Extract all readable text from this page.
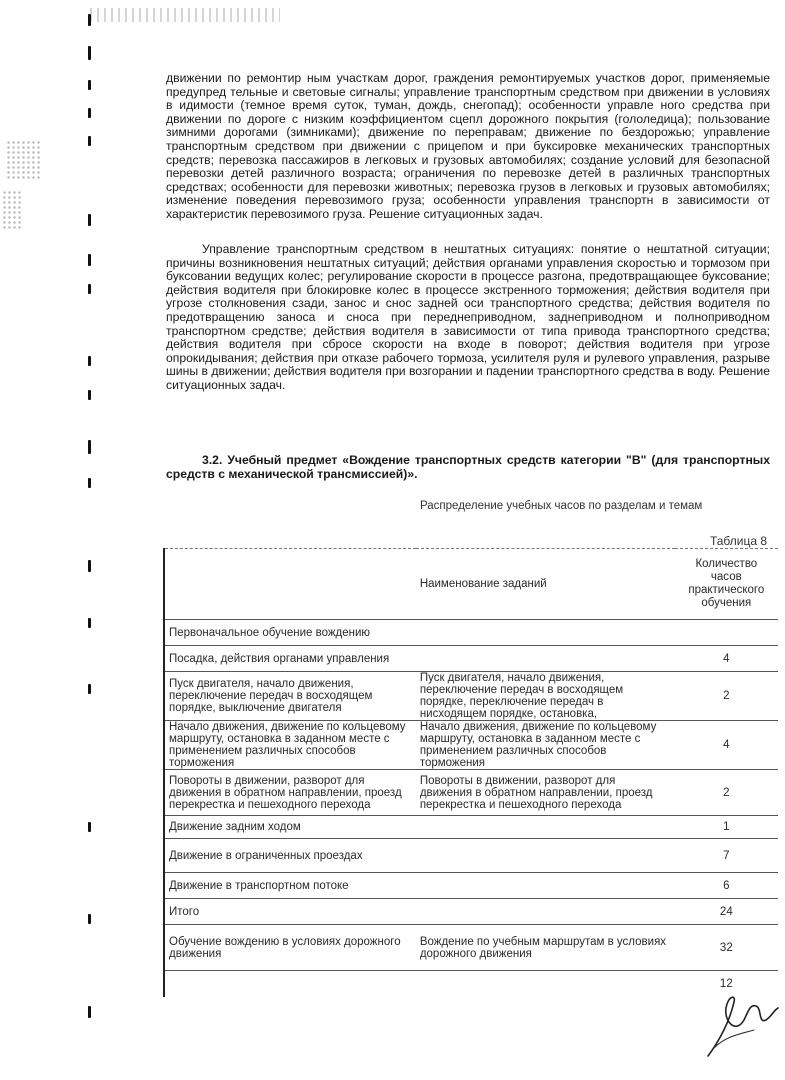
движении по ремонтир ным участкам дорог, граждения ремонтируемых участков дорог, применяемые предупред тельные и световые сигналы; управление транспортным средством при движении в условиях в идимости (темное время суток, туман, дождь, снегопад); особенности управле ного средства при движении по дороге с низким коэффициентом сцепл дорожного покрытия (гололедица); пользование зимними дорогами (зимниками); движение по переправам; движение по бездорожью; управление транспортным средством при движении с прицепом и при буксировке механических транспортных средств; перевозка пассажиров в легковых и грузовых автомобилях; создание условий для безопасной перевозки детей различного возраста; ограничения по перевозке детей в различных транспортных средствах; особенности для перевозки животных; перевозка грузов в легковых и грузовых автомобилях; изменение поведения перевозимого груза; особенности управления транспортн в зависимости от характеристик перевозимого груза. Решение ситуационных задач.

Управление транспортным средством в нештатных ситуациях: понятие о нештатной ситуации; причины возникновения нештатных ситуаций; действия органами управления скоростью и тормозом при буксовании ведущих колес; регулирование скорости в процессе разгона, предотвращающее буксование; действия водителя при блокировке колес в процессе экстренного торможения; действия водителя при угрозе столкновения сзади, занос и снос задней оси транспортного средства; действия водителя по предотвращению заноса и сноса при переднеприводном, заднеприводном и полноприводном транспортном средстве; действия водителя в зависимости от типа привода транспортного средства; действия водителя при сбросе скорости на входе в поворот; действия водителя при угрозе опрокидывания; действия при отказе рабочего тормоза, усилителя руля и рулевого управления, разрыве шины в движении; действия водителя при возгорании и падении транспортного средства в воду. Решение ситуационных задач.

3.2. Учебный предмет «Вождение транспортных средств категории "B" (для транспортных средств с механической трансмиссией)».

Распределение учебных часов по разделам и темам
Таблица 8
	Наименование заданий	Количество часов практического обучения
Первоначальное обучение вождению		
Посадка, действия органами управления		4
Пуск двигателя, начало движения, переключение передач в восходящем порядке, выключение двигателя	Пуск двигателя, начало движения, переключение передач в восходящем порядке, переключение передач в нисходящем порядке, остановка,	2
Начало движения, движение по кольцевому маршруту, остановка в заданном месте с применением различных способов торможения	Начало движения, движение по кольцевому маршруту, остановка в заданном месте с применением различных способов торможения	4
Повороты в движении, разворот для движения в обратном направлении, проезд перекрестка и пешеходного перехода	Повороты в движении, разворот для движения в обратном направлении, проезд перекрестка и пешеходного перехода	2
Движение задним ходом		1
Движение в ограниченных проездах		7
Движение в транспортном потоке		6
Итого		24
Обучение вождению в условиях дорожного движения	Вождение по учебным маршрутам в условиях дорожного движения	32
		12
